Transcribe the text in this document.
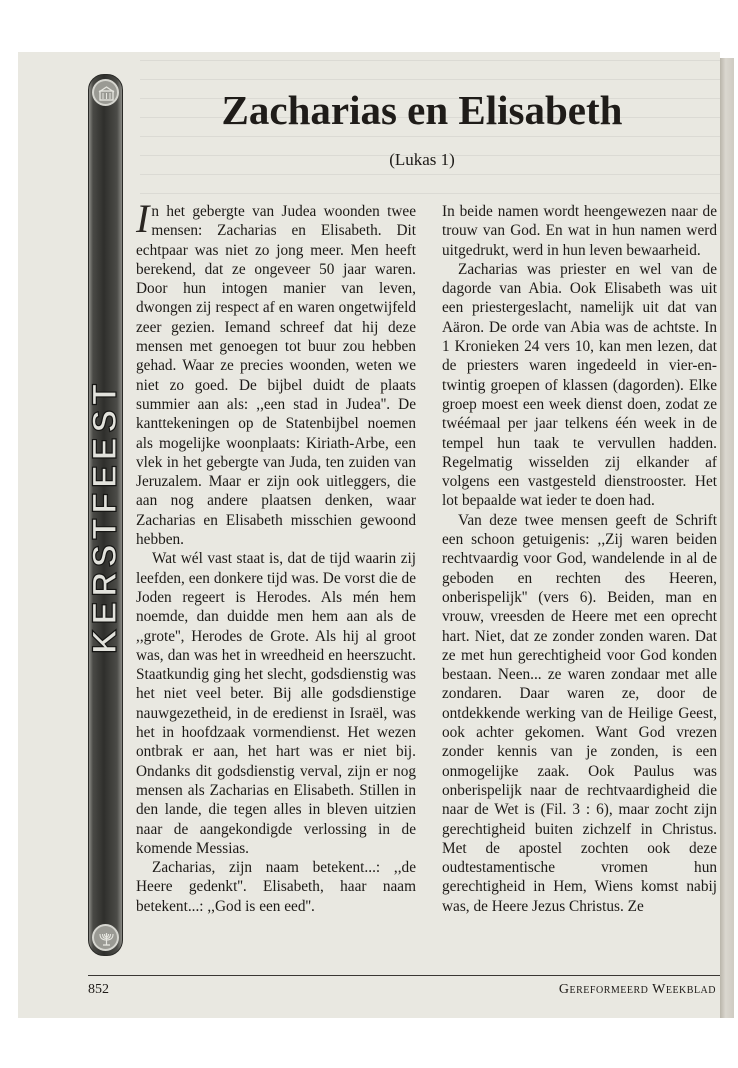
KERSTFEEST
Zacharias en Elisabeth

(Lukas 1)

In het gebergte van Judea woonden twee mensen: Zacharias en Elisabeth. Dit echtpaar was niet zo jong meer. Men heeft berekend, dat ze ongeveer 50 jaar waren. Door hun intogen manier van leven, dwongen zij respect af en waren ongetwijfeld zeer gezien. Iemand schreef dat hij deze mensen met genoegen tot buur zou hebben gehad. Waar ze precies woonden, weten we niet zo goed. De bijbel duidt de plaats summier aan als: ,,een stad in Judea''. De kanttekeningen op de Statenbijbel noemen als mogelijke woonplaats: Kiriath-Arbe, een vlek in het gebergte van Juda, ten zuiden van Jeruzalem. Maar er zijn ook uitleggers, die aan nog andere plaatsen denken, waar Zacharias en Elisabeth misschien gewoond hebben.

Wat wél vast staat is, dat de tijd waarin zij leefden, een donkere tijd was. De vorst die de Joden regeert is Herodes. Als mén hem noemde, dan duidde men hem aan als de ,,grote'', Herodes de Grote. Als hij al groot was, dan was het in wreedheid en heerszucht. Staatkundig ging het slecht, godsdienstig was het niet veel beter. Bij alle godsdienstige nauwgezetheid, in de eredienst in Israël, was het in hoofdzaak vormendienst. Het wezen ontbrak er aan, het hart was er niet bij. Ondanks dit godsdienstig verval, zijn er nog mensen als Zacharias en Elisabeth. Stillen in den lande, die tegen alles in bleven uitzien naar de aangekondigde verlossing in de komende Messias.

Zacharias, zijn naam betekent...: ,,de Heere gedenkt''. Elisabeth, haar naam betekent...: ,,God is een eed''.

In beide namen wordt heengewezen naar de trouw van God. En wat in hun namen werd uitgedrukt, werd in hun leven bewaarheid.

Zacharias was priester en wel van de dagorde van Abia. Ook Elisabeth was uit een priestergeslacht, namelijk uit dat van Aäron. De orde van Abia was de achtste. In 1 Kronieken 24 vers 10, kan men lezen, dat de priesters waren ingedeeld in vier-en-twintig groepen of klassen (dagorden). Elke groep moest een week dienst doen, zodat ze twéémaal per jaar telkens één week in de tempel hun taak te vervullen hadden. Regelmatig wisselden zij elkander af volgens een vastgesteld dienstrooster. Het lot bepaalde wat ieder te doen had.

Van deze twee mensen geeft de Schrift een schoon getuigenis: ,,Zij waren beiden rechtvaardig voor God, wandelende in al de geboden en rechten des Heeren, onberispelijk'' (vers 6). Beiden, man en vrouw, vreesden de Heere met een oprecht hart. Niet, dat ze zonder zonden waren. Dat ze met hun gerechtigheid voor God konden bestaan. Neen... ze waren zondaar met alle zondaren. Daar waren ze, door de ontdekkende werking van de Heilige Geest, ook achter gekomen. Want God vrezen zonder kennis van je zonden, is een onmogelijke zaak. Ook Paulus was onberispelijk naar de rechtvaardigheid die naar de Wet is (Fil. 3 : 6), maar zocht zijn gerechtigheid buiten zichzelf in Christus. Met de apostel zochten ook deze oudtestamentische vromen hun gerechtigheid in Hem, Wiens komst nabij was, de Heere Jezus Christus. Ze

852	Gereformeerd Weekblad
